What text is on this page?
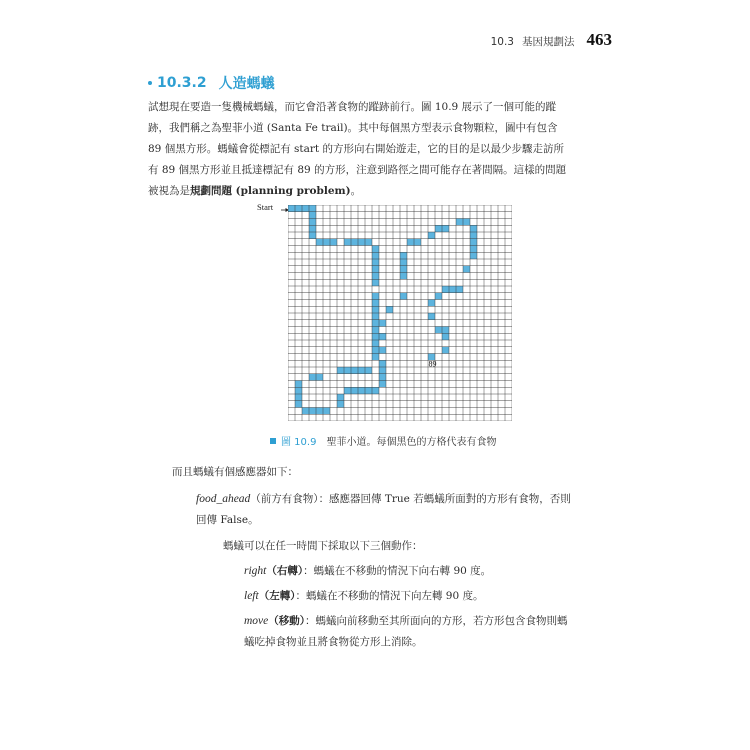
10.3 基因規劃法 463
10.3.2 人造螞蟻
試想現在要造一隻機械螞蟻，而它會沿著食物的蹤跡前行。圖 10.9 展示了一個可能的蹤
跡，我們稱之為聖菲小道 (Santa Fe trail)。其中每個黑方型表示食物顆粒，圖中有包含
89 個黑方形。螞蟻會從標記有 start 的方形向右開始遊走，它的目的是以最少步驟走訪所
有 89 個黑方形並且抵達標記有 89 的方形，注意到路徑之間可能存在著間隔。這樣的問題
被視為是規劃問題 (planning problem)。
Start
89
圖 10.9 聖菲小道。每個黑色的方格代表有食物
而且螞蟻有個感應器如下：
food_ahead（前方有食物）：感應器回傳 True 若螞蟻所面對的方形有食物，否則
回傳 False。
螞蟻可以在任一時間下採取以下三個動作：
right（右轉）：螞蟻在不移動的情況下向右轉 90 度。
left（左轉）：螞蟻在不移動的情況下向左轉 90 度。
move（移動）：螞蟻向前移動至其所面向的方形，若方形包含食物則螞
蟻吃掉食物並且將食物從方形上消除。
